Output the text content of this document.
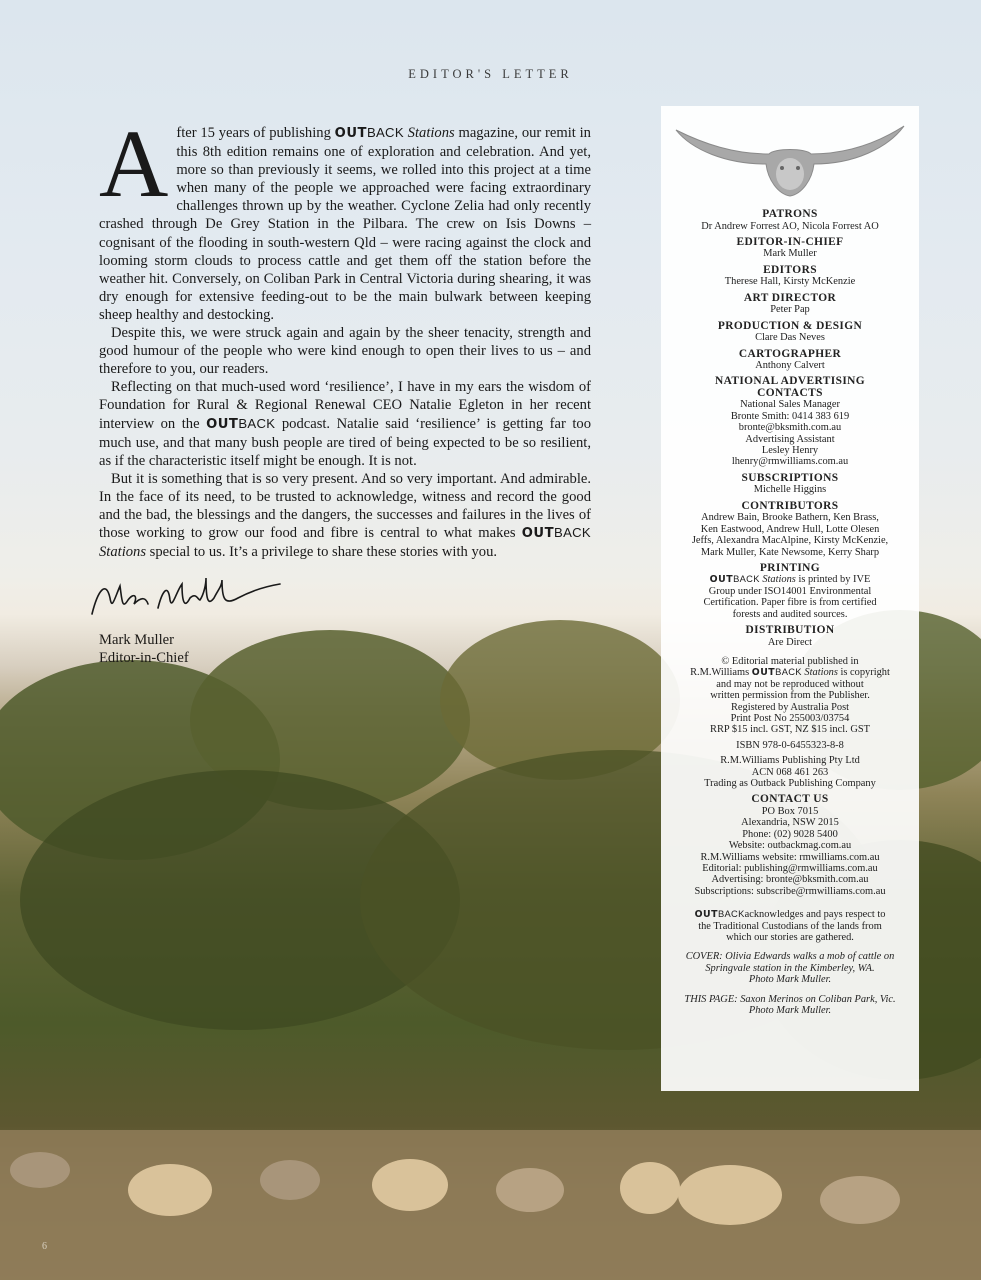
EDITOR'S LETTER

After 15 years of publishing OUTBACK Stations magazine, our remit in this 8th edition remains one of exploration and celebration. And yet, more so than previously it seems, we rolled into this project at a time when many of the people we approached were facing extraordinary challenges thrown up by the weather. Cyclone Zelia had only recently crashed through De Grey Station in the Pilbara. The crew on Isis Downs – cognisant of the flooding in south-western Qld – were racing against the clock and looming storm clouds to process cattle and get them off the station before the weather hit. Conversely, on Coliban Park in Central Victoria during shearing, it was dry enough for extensive feeding-out to be the main bulwark between keeping sheep healthy and destocking.

Despite this, we were struck again and again by the sheer tenacity, strength and good humour of the people who were kind enough to open their lives to us – and therefore to you, our readers.

Reflecting on that much-used word ‘resilience’, I have in my ears the wisdom of Foundation for Rural & Regional Renewal CEO Natalie Egleton in her recent interview on the OUTBACK podcast. Natalie said ‘resilience’ is getting far too much use, and that many bush people are tired of being expected to be so resilient, as if the characteristic itself might be enough. It is not.

But it is something that is so very present. And so very important. And admirable. In the face of its need, to be trusted to acknowledge, witness and record the good and the bad, the blessings and the dangers, the successes and failures in the lives of those working to grow our food and fibre is central to what makes OUTBACK Stations special to us. It’s a privilege to share these stories with you.

Mark Muller
Editor-in-Chief
PATRONS
Dr Andrew Forrest AO, Nicola Forrest AO
EDITOR-IN-CHIEF
Mark Muller
EDITORS
Therese Hall, Kirsty McKenzie
ART DIRECTOR
Peter Pap
PRODUCTION & DESIGN
Clare Das Neves
CARTOGRAPHER
Anthony Calvert
NATIONAL ADVERTISING
CONTACTS
National Sales Manager
Bronte Smith: 0414 383 619
bronte@bksmith.com.au
Advertising Assistant
Lesley Henry
lhenry@rmwilliams.com.au
SUBSCRIPTIONS
Michelle Higgins
CONTRIBUTORS
Andrew Bain, Brooke Bathern, Ken Brass,
Ken Eastwood, Andrew Hull, Lotte Olesen
Jeffs, Alexandra MacAlpine, Kirsty McKenzie,
Mark Muller, Kate Newsome, Kerry Sharp
PRINTING
OUTBACK Stations is printed by IVE
Group under ISO14001 Environmental
Certification. Paper fibre is from certified
forests and audited sources.
DISTRIBUTION
Are Direct
© Editorial material published in
R.M.Williams OUTBACK Stations is copyright
and may not be reproduced without
written permission from the Publisher.
Registered by Australia Post
Print Post No 255003/03754
RRP $15 incl. GST, NZ $15 incl. GST
ISBN 978-0-6455323-8-8
R.M.Williams Publishing Pty Ltd
ACN 068 461 263
Trading as Outback Publishing Company
CONTACT US
PO Box 7015
Alexandria, NSW 2015
Phone: (02) 9028 5400
Website: outbackmag.com.au
R.M.Williams website: rmwilliams.com.au
Editorial: publishing@rmwilliams.com.au
Advertising: bronte@bksmith.com.au
Subscriptions: subscribe@rmwilliams.com.au
OUTBACKacknowledges and pays respect to
the Traditional Custodians of the lands from
which our stories are gathered.
COVER: Olivia Edwards walks a mob of cattle on
Springvale station in the Kimberley, WA.
Photo Mark Muller.
THIS PAGE: Saxon Merinos on Coliban Park, Vic.
Photo Mark Muller.
6
